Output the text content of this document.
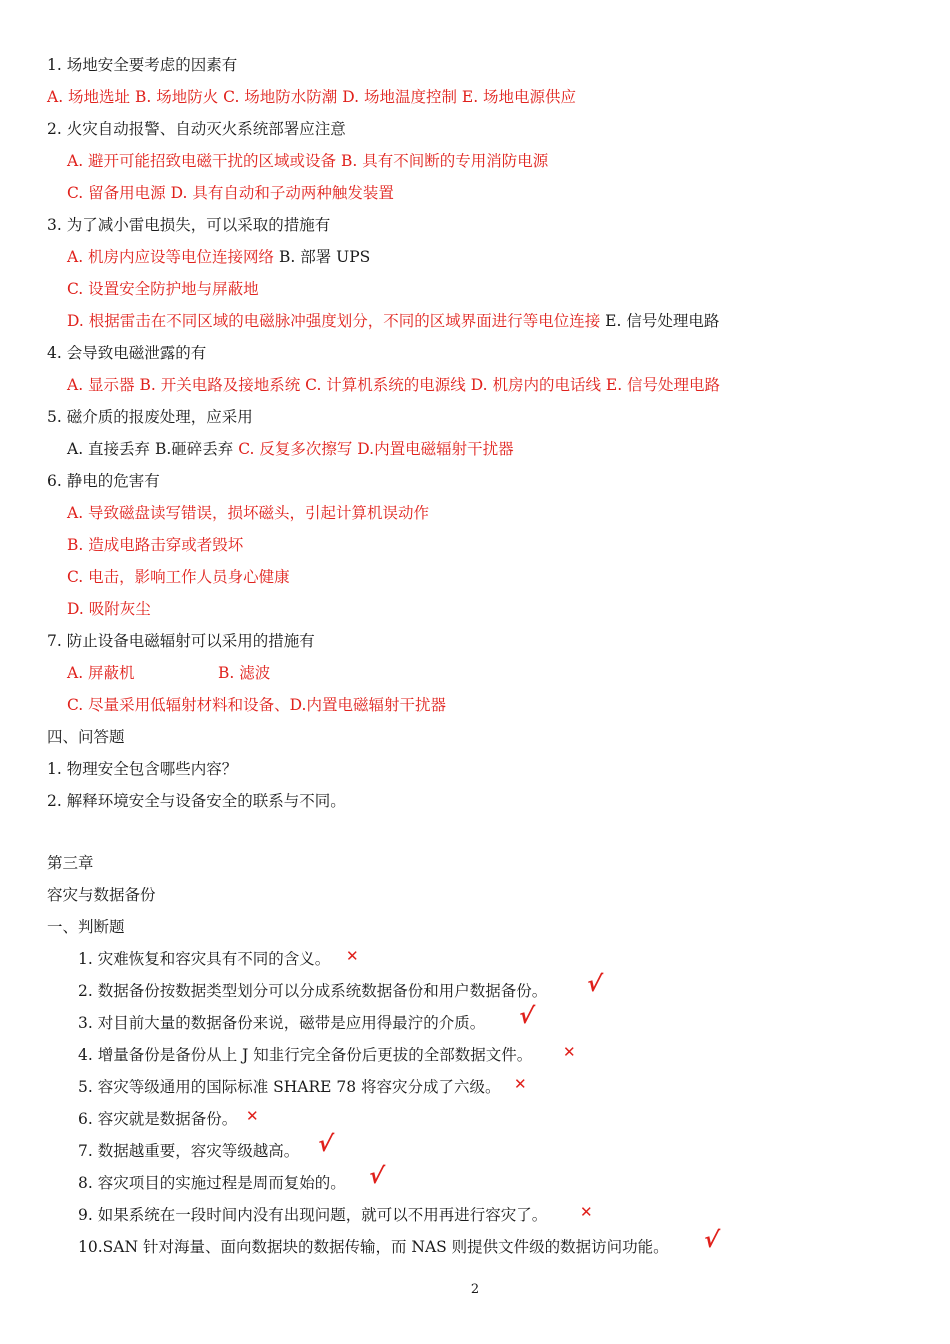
1. 场地安全要考虑的因素有
A. 场地选址 B. 场地防火 C. 场地防水防潮 D. 场地温度控制 E. 场地电源供应
2. 火灾自动报警、自动灭火系统部署应注意
A. 避开可能招致电磁干扰的区域或设备 B. 具有不间断的专用消防电源
C. 留备用电源 D. 具有自动和子动两种触发装置
3. 为了减小雷电损失，可以采取的措施有
A. 机房内应设等电位连接网络 B. 部署 UPS
C. 设置安全防护地与屏蔽地
D. 根据雷击在不同区域的电磁脉冲强度划分，不同的区域界面进行等电位连接 E. 信号处理电路
4. 会导致电磁泄露的有
A. 显示器 B. 开关电路及接地系统 C. 计算机系统的电源线 D. 机房内的电话线 E. 信号处理电路
5. 磁介质的报废处理，应采用
A. 直接丢弃 B.砸碎丢弃 C. 反复多次擦写 D.内置电磁辐射干扰器
6. 静电的危害有
A. 导致磁盘读写错误，损坏磁头，引起计算机误动作
B. 造成电路击穿或者毁坏
C. 电击，影响工作人员身心健康
D. 吸附灰尘
7. 防止设备电磁辐射可以采用的措施有
A. 屏蔽机	B. 滤波
C. 尽量采用低辐射材料和设备、D.内置电磁辐射干扰器
四、问答题
1. 物理安全包含哪些内容？
2. 解释环境安全与设备安全的联系与不同。
第三章
容灾与数据备份
一、判断题
1. 灾难恢复和容灾具有不同的含义。 ✕
2. 数据备份按数据类型划分可以分成系统数据备份和用户数据备份。 √
3. 对目前大量的数据备份来说，磁带是应用得最泞的介质。 √
4. 增量备份是备份从上 J 知韭行完全备份后更拔的全部数据文件。 ✕
5. 容灾等级通用的国际标准 SHARE 78 将容灾分成了六级。 ✕
6. 容灾就是数据备份。 ✕
7. 数据越重要，容灾等级越高。 √
8. 容灾项目的实施过程是周而复始的。 √
9. 如果系统在一段时间内没有出现问题，就可以不用再进行容灾了。 ✕
10.SAN 针对海量、面向数据块的数据传输，而 NAS 则提供文件级的数据访问功能。 √
2
